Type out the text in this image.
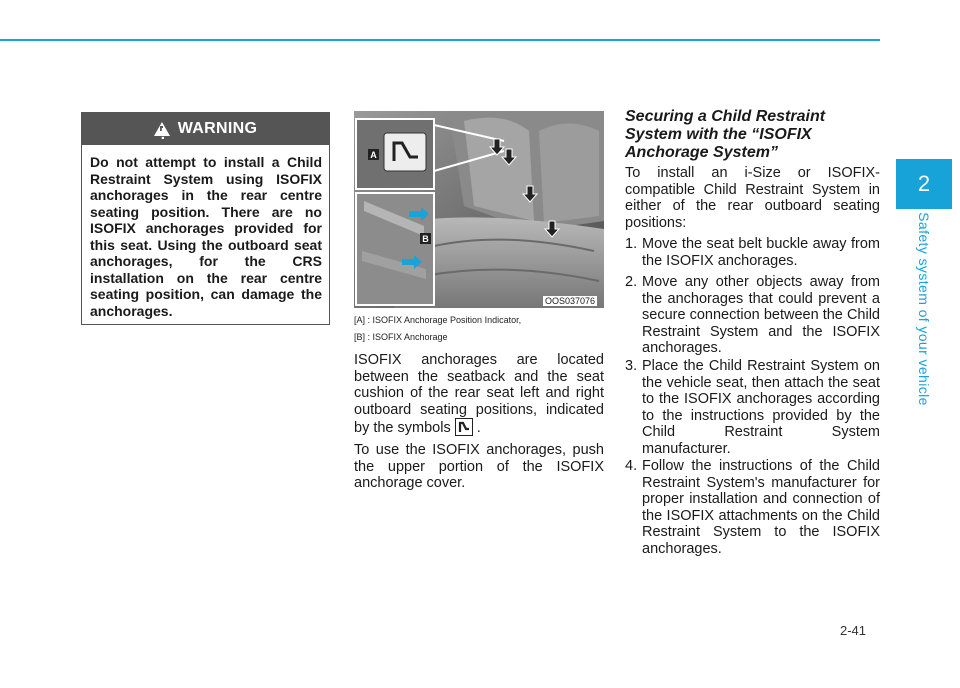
2
Safety system of your vehicle
! WARNING
Do not attempt to install a Child Restraint System using ISOFIX anchorages in the rear centre seating position. There are no ISOFIX anchorages provided for this seat. Using the outboard seat anchorages, for the CRS installation on the rear centre seating position, can damage the anchorages.
A
B
OOS037076
[A] : ISOFIX Anchorage Position Indicator,
[B] : ISOFIX Anchorage
ISOFIX anchorages are located between the seatback and the seat cushion of the rear seat left and right outboard seating positions, indicated by the symbols .
To use the ISOFIX anchorages, push the upper portion of the ISOFIX anchorage cover.
Securing a Child Restraint System with the “ISOFIX Anchorage System”
To install an i-Size or ISOFIX-compatible Child Restraint System in either of the rear outboard seating positions:
1. Move the seat belt buckle away from the ISOFIX anchorages.
2. Move any other objects away from the anchorages that could prevent a secure connection between the Child Restraint System and the ISOFIX anchorages.
3. Place the Child Restraint System on the vehicle seat, then attach the seat to the ISOFIX anchorages according to the instructions provided by the Child Restraint System manufacturer.
4. Follow the instructions of the Child Restraint System's manufacturer for proper installation and connection of the ISOFIX attachments on the Child Restraint System to the ISOFIX anchorages.
2-41
